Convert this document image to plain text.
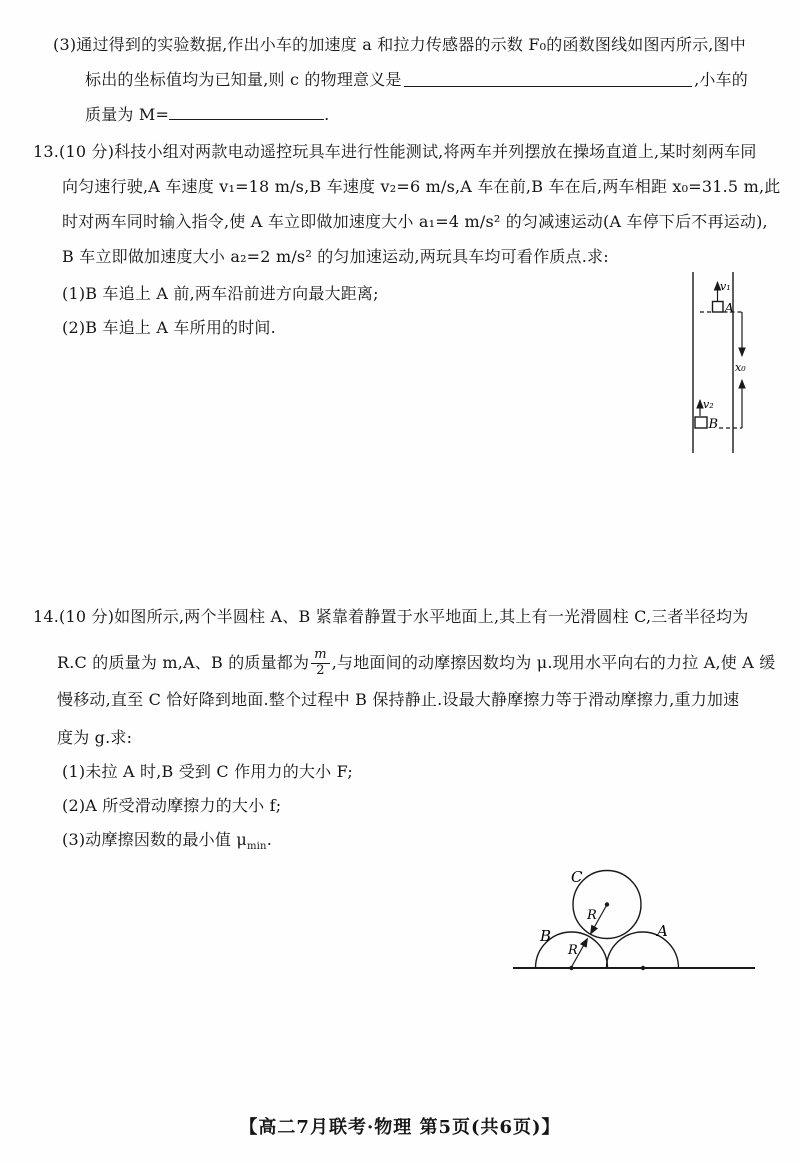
(3)通过得到的实验数据,作出小车的加速度 a 和拉力传感器的示数 F₀的函数图线如图丙所示,图中
标出的坐标值均为已知量,则 c 的物理意义是	,小车的
质量为 M=	.
13.(10 分)科技小组对两款电动遥控玩具车进行性能测试,将两车并列摆放在操场直道上,某时刻两车同
向匀速行驶,A 车速度 v₁=18 m/s,B 车速度 v₂=6 m/s,A 车在前,B 车在后,两车相距 x₀=31.5 m,此
时对两车同时输入指令,使 A 车立即做加速度大小 a₁=4 m/s² 的匀减速运动(A 车停下后不再运动),
B 车立即做加速度大小 a₂=2 m/s² 的匀加速运动,两玩具车均可看作质点.求:
(1)B 车追上 A 前,两车沿前进方向最大距离;
(2)B 车追上 A 车所用的时间.
v₁
A
x₀
v₂
B
14.(10 分)如图所示,两个半圆柱 A、B 紧靠着静置于水平地面上,其上有一光滑圆柱 C,三者半径均为
R.C 的质量为 m,A、B 的质量都为 $\frac{m}{2}$ ,与地面间的动摩擦因数均为 μ.现用水平向右的力拉 A,使 A 缓
慢移动,直至 C 恰好降到地面.整个过程中 B 保持静止.设最大静摩擦力等于滑动摩擦力,重力加速
度为 g.求:
(1)未拉 A 时,B 受到 C 作用力的大小 F;
(2)A 所受滑动摩擦力的大小 f;
(3)动摩擦因数的最小值 $\mu_{min}$.
C
B	A
R
R
【高二7月联考·物理 第5页(共6页)】
